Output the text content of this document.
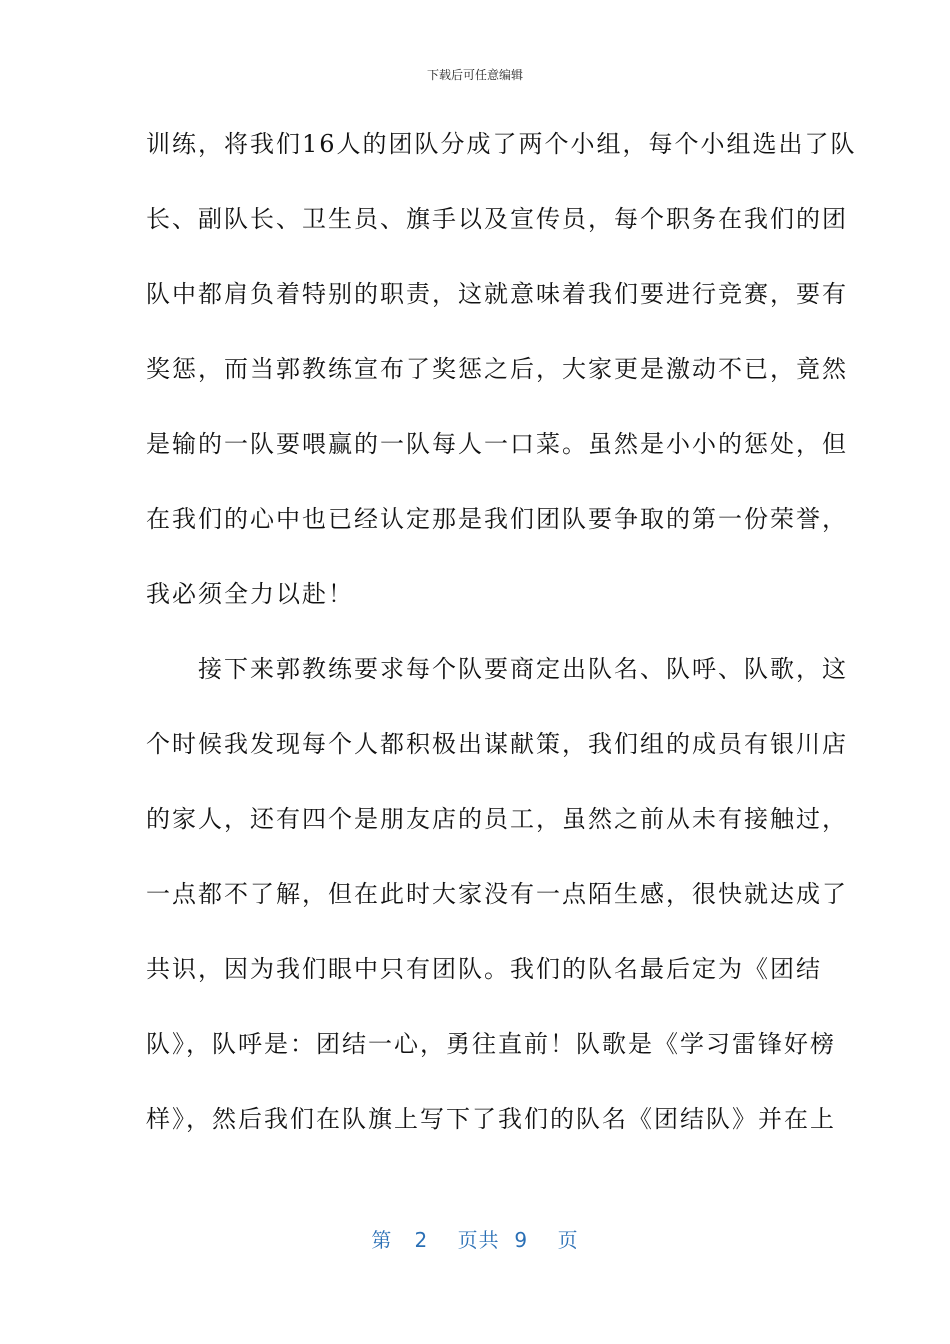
下载后可任意编辑
训练，将我们16人的团队分成了两个小组，每个小组选出了队
长、副队长、卫生员、旗手以及宣传员，每个职务在我们的团
队中都肩负着特别的职责，这就意味着我们要进行竞赛，要有
奖惩，而当郭教练宣布了奖惩之后，大家更是激动不已，竟然
是输的一队要喂赢的一队每人一口菜。虽然是小小的惩处，但
在我们的心中也已经认定那是我们团队要争取的第一份荣誉，
我必须全力以赴！
　　接下来郭教练要求每个队要商定出队名、队呼、队歌，这
个时候我发现每个人都积极出谋献策，我们组的成员有银川店
的家人，还有四个是朋友店的员工，虽然之前从未有接触过，
一点都不了解，但在此时大家没有一点陌生感，很快就达成了
共识，因为我们眼中只有团队。我们的队名最后定为《团结
队》，队呼是：团结一心，勇往直前！队歌是《学习雷锋好榜
样》，然后我们在队旗上写下了我们的队名《团结队》并在上
第 2 页共 9 页
